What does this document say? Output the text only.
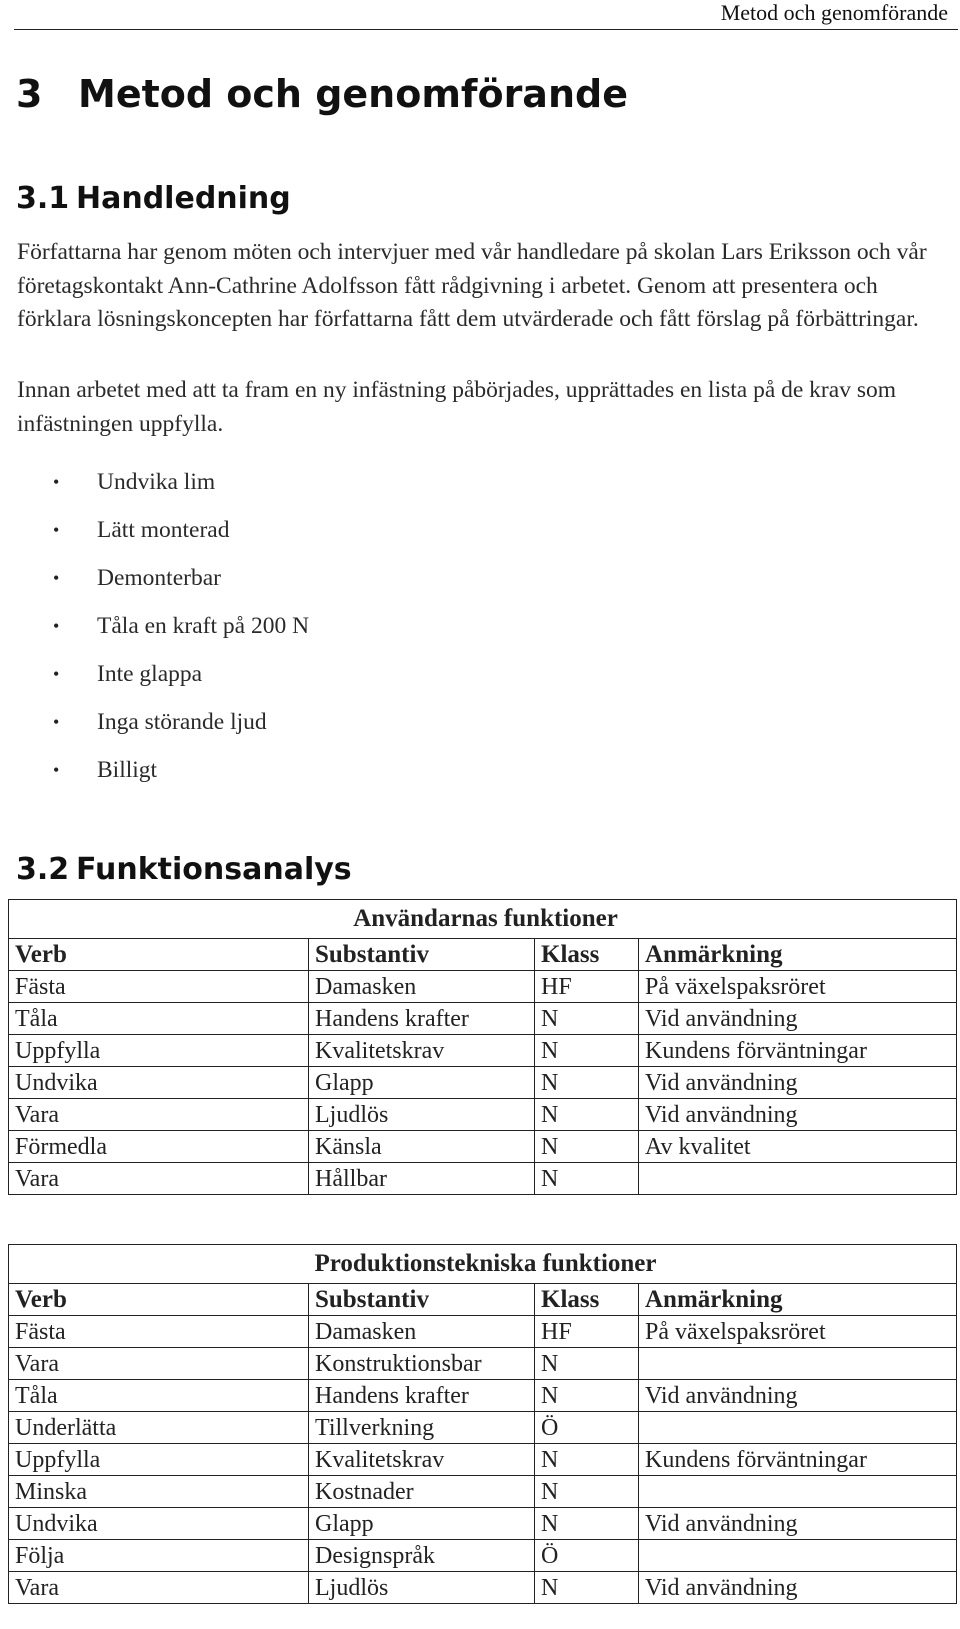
Metod och genomförande
3 Metod och genomförande
3.1 Handledning

Författarna har genom möten och intervjuer med vår handledare på skolan Lars Eriksson och vår företagskontakt Ann-Cathrine Adolfsson fått rådgivning i arbetet. Genom att presentera och förklara lösningskoncepten har författarna fått dem utvärderade och fått förslag på förbättringar.

Innan arbetet med att ta fram en ny infästning påbörjades, upprättades en lista på de krav som infästningen uppfylla.

• Undvika lim
• Lätt monterad
• Demonterbar
• Tåla en kraft på 200 N
• Inte glappa
• Inga störande ljud
• Billigt
3.2 Funktionsanalys
Användarnas funktioner			
Verb	Substantiv	Klass	Anmärkning
Fästa	Damasken	HF	På växelspaksröret
Tåla	Handens krafter	N	Vid användning
Uppfylla	Kvalitetskrav	N	Kundens förväntningar
Undvika	Glapp	N	Vid användning
Vara	Ljudlös	N	Vid användning
Förmedla	Känsla	N	Av kvalitet
Vara	Hållbar	N	
Produktionstekniska funktioner			
Verb	Substantiv	Klass	Anmärkning
Fästa	Damasken	HF	På växelspaksröret
Vara	Konstruktionsbar	N	
Tåla	Handens krafter	N	Vid användning
Underlätta	Tillverkning	Ö	
Uppfylla	Kvalitetskrav	N	Kundens förväntningar
Minska	Kostnader	N	
Undvika	Glapp	N	Vid användning
Följa	Designspråk	Ö	
Vara	Ljudlös	N	Vid användning
